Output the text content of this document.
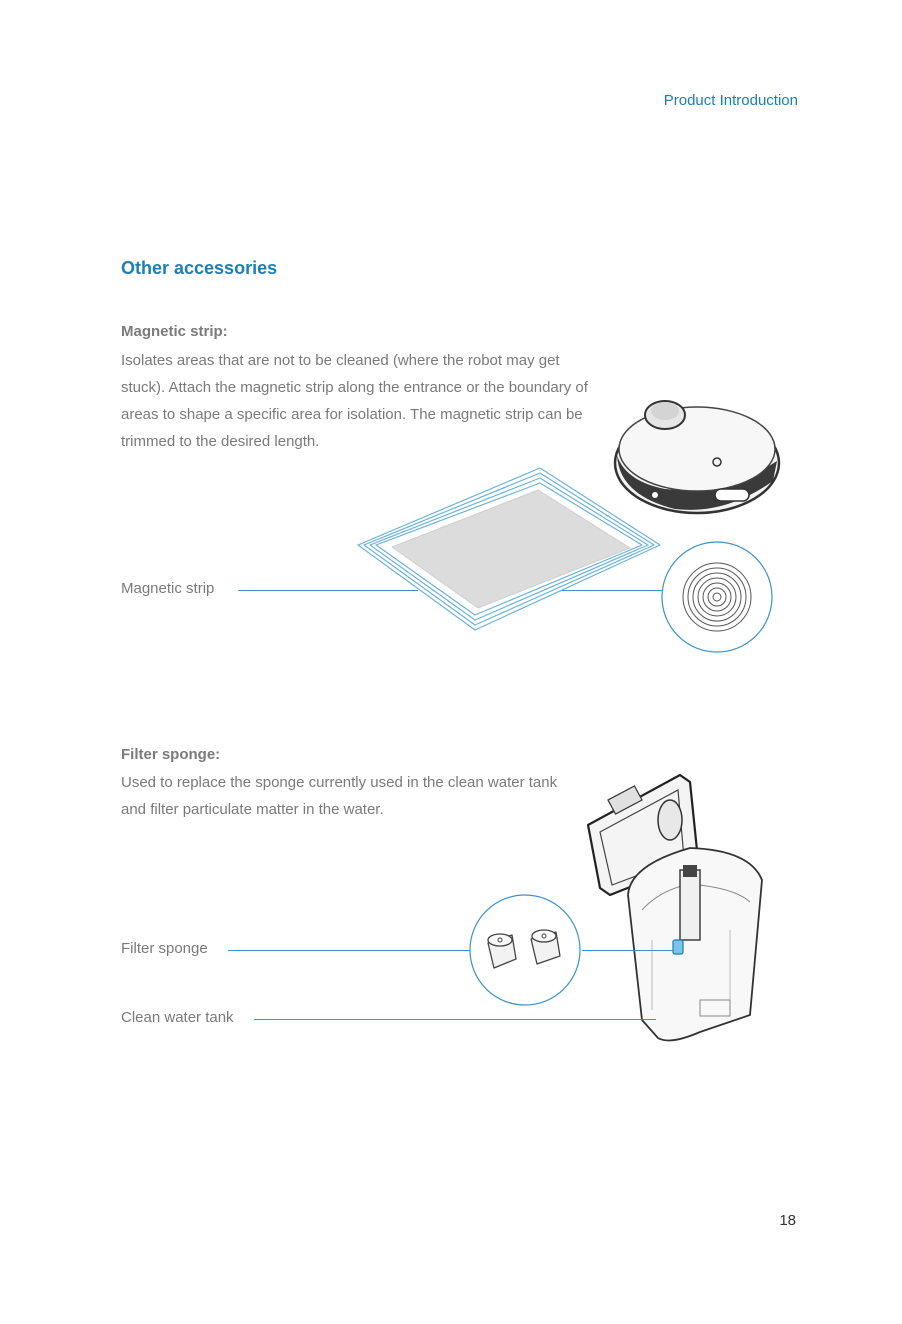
Product Introduction
Other accessories
Magnetic strip:

Isolates areas that are not to be cleaned (where the robot may get stuck). Attach the magnetic strip along the entrance or the boundary of areas to shape a specific area for isolation. The magnetic strip can be trimmed to the desired length.

Magnetic strip
Filter sponge:

Used to replace the sponge currently used in the clean water tank and filter particulate matter in the water.

Filter sponge
Clean water tank
18
